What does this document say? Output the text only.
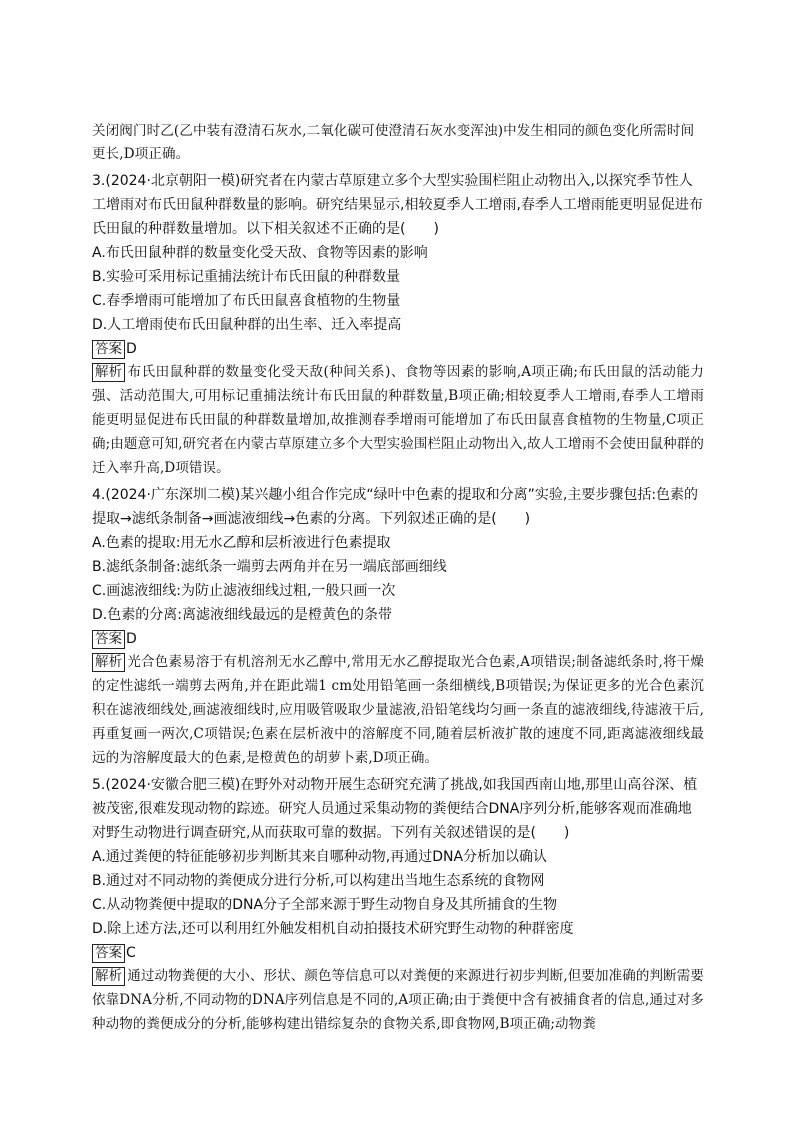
关闭阀门时乙(乙中装有澄清石灰水,二氧化碳可使澄清石灰水变浑浊)中发生相同的颜色变化所需时间更长,D项正确。
3.(2024·北京朝阳一模)研究者在内蒙古草原建立多个大型实验围栏阻止动物出入,以探究季节性人工增雨对布氏田鼠种群数量的影响。研究结果显示,相较夏季人工增雨,春季人工增雨能更明显促进布氏田鼠的种群数量增加。以下相关叙述不正确的是(　　)
A.布氏田鼠种群的数量变化受天敌、食物等因素的影响
B.实验可采用标记重捕法统计布氏田鼠的种群数量
C.春季增雨可能增加了布氏田鼠喜食植物的生物量
D.人工增雨使布氏田鼠种群的出生率、迁入率提高
答案 D
解析 布氏田鼠种群的数量变化受天敌(种间关系)、食物等因素的影响,A项正确;布氏田鼠的活动能力强、活动范围大,可用标记重捕法统计布氏田鼠的种群数量,B项正确;相较夏季人工增雨,春季人工增雨能更明显促进布氏田鼠的种群数量增加,故推测春季增雨可能增加了布氏田鼠喜食植物的生物量,C项正确;由题意可知,研究者在内蒙古草原建立多个大型实验围栏阻止动物出入,故人工增雨不会使田鼠种群的迁入率升高,D项错误。
4.(2024·广东深圳二模)某兴趣小组合作完成“绿叶中色素的提取和分离”实验,主要步骤包括:色素的提取→滤纸条制备→画滤液细线→色素的分离。下列叙述正确的是(　　)
A.色素的提取:用无水乙醇和层析液进行色素提取
B.滤纸条制备:滤纸条一端剪去两角并在另一端底部画细线
C.画滤液细线:为防止滤液细线过粗,一般只画一次
D.色素的分离:离滤液细线最远的是橙黄色的条带
答案 D
解析 光合色素易溶于有机溶剂无水乙醇中,常用无水乙醇提取光合色素,A项错误;制备滤纸条时,将干燥的定性滤纸一端剪去两角,并在距此端1 cm处用铅笔画一条细横线,B项错误;为保证更多的光合色素沉积在滤液细线处,画滤液细线时,应用吸管吸取少量滤液,沿铅笔线均匀画一条直的滤液细线,待滤液干后,再重复画一两次,C项错误;色素在层析液中的溶解度不同,随着层析液扩散的速度不同,距离滤液细线最远的为溶解度最大的色素,是橙黄色的胡萝卜素,D项正确。
5.(2024·安徽合肥三模)在野外对动物开展生态研究充满了挑战,如我国西南山地,那里山高谷深、植被茂密,很难发现动物的踪迹。研究人员通过采集动物的粪便结合DNA序列分析,能够客观而准确地对野生动物进行调查研究,从而获取可靠的数据。下列有关叙述错误的是(　　)
A.通过粪便的特征能够初步判断其来自哪种动物,再通过DNA分析加以确认
B.通过对不同动物的粪便成分进行分析,可以构建出当地生态系统的食物网
C.从动物粪便中提取的DNA分子全部来源于野生动物自身及其所捕食的生物
D.除上述方法,还可以利用红外触发相机自动拍摄技术研究野生动物的种群密度
答案 C
解析 通过动物粪便的大小、形状、颜色等信息可以对粪便的来源进行初步判断,但要加准确的判断需要依靠DNA分析,不同动物的DNA序列信息是不同的,A项正确;由于粪便中含有被捕食者的信息,通过对多种动物的粪便成分的分析,能够构建出错综复杂的食物关系,即食物网,B项正确;动物粪
